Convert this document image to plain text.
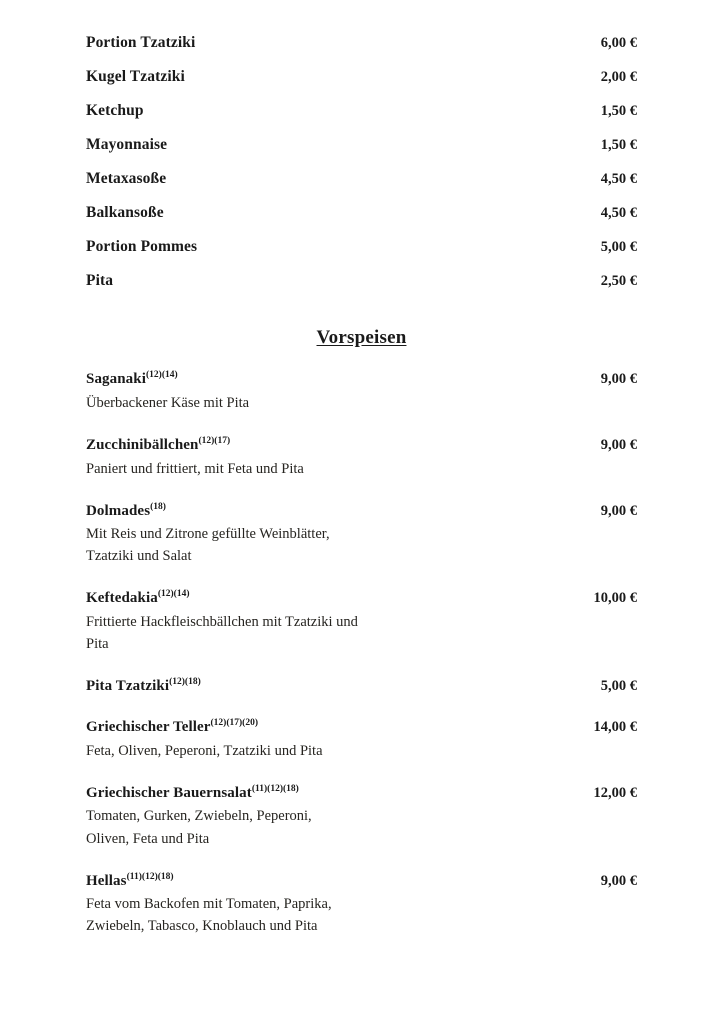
Portion Tzatziki	6,00 €
Kugel Tzatziki	2,00 €
Ketchup	1,50 €
Mayonnaise	1,50 €
Metaxasoße	4,50 €
Balkansoße	4,50 €
Portion Pommes	5,00 €
Pita	2,50 €
Vorspeisen
Saganaki$^{(12)(14)}$	9,00 €
Überbackener Käse mit Pita
Zucchinibällchen$^{(12)(17)}$	9,00 €
Paniert und frittiert, mit Feta und Pita
Dolmades$^{(18)}$	9,00 €
Mit Reis und Zitrone gefüllte Weinblätter,
Tzatziki und Salat
Keftedakia$^{(12)(14)}$	10,00 €
Frittierte Hackfleischbällchen mit Tzatziki und
Pita
Pita Tzatziki$^{(12)(18)}$	5,00 €
Griechischer Teller$^{(12)(17)(20)}$	14,00 €
Feta, Oliven, Peperoni, Tzatziki und Pita
Griechischer Bauernsalat$^{(11)(12)(18)}$	12,00 €
Tomaten, Gurken, Zwiebeln, Peperoni,
Oliven, Feta und Pita
Hellas$^{(11)(12)(18)}$	9,00 €
Feta vom Backofen mit Tomaten, Paprika,
Zwiebeln, Tabasco, Knoblauch und Pita
